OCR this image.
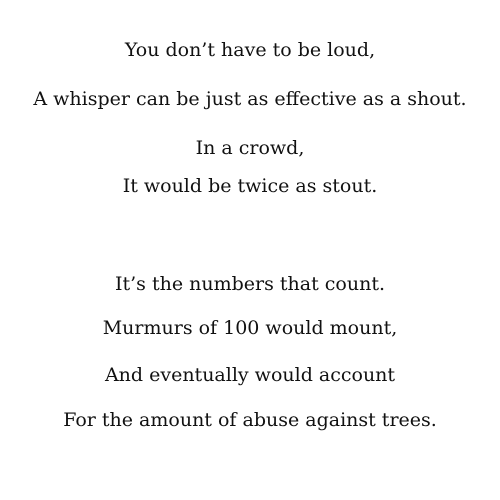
You don’t have to be loud,
A whisper can be just as effective as a shout.
In a crowd,
It would be twice as stout.
It’s the numbers that count.
Murmurs of 100 would mount,
And eventually would account
For the amount of abuse against trees.
